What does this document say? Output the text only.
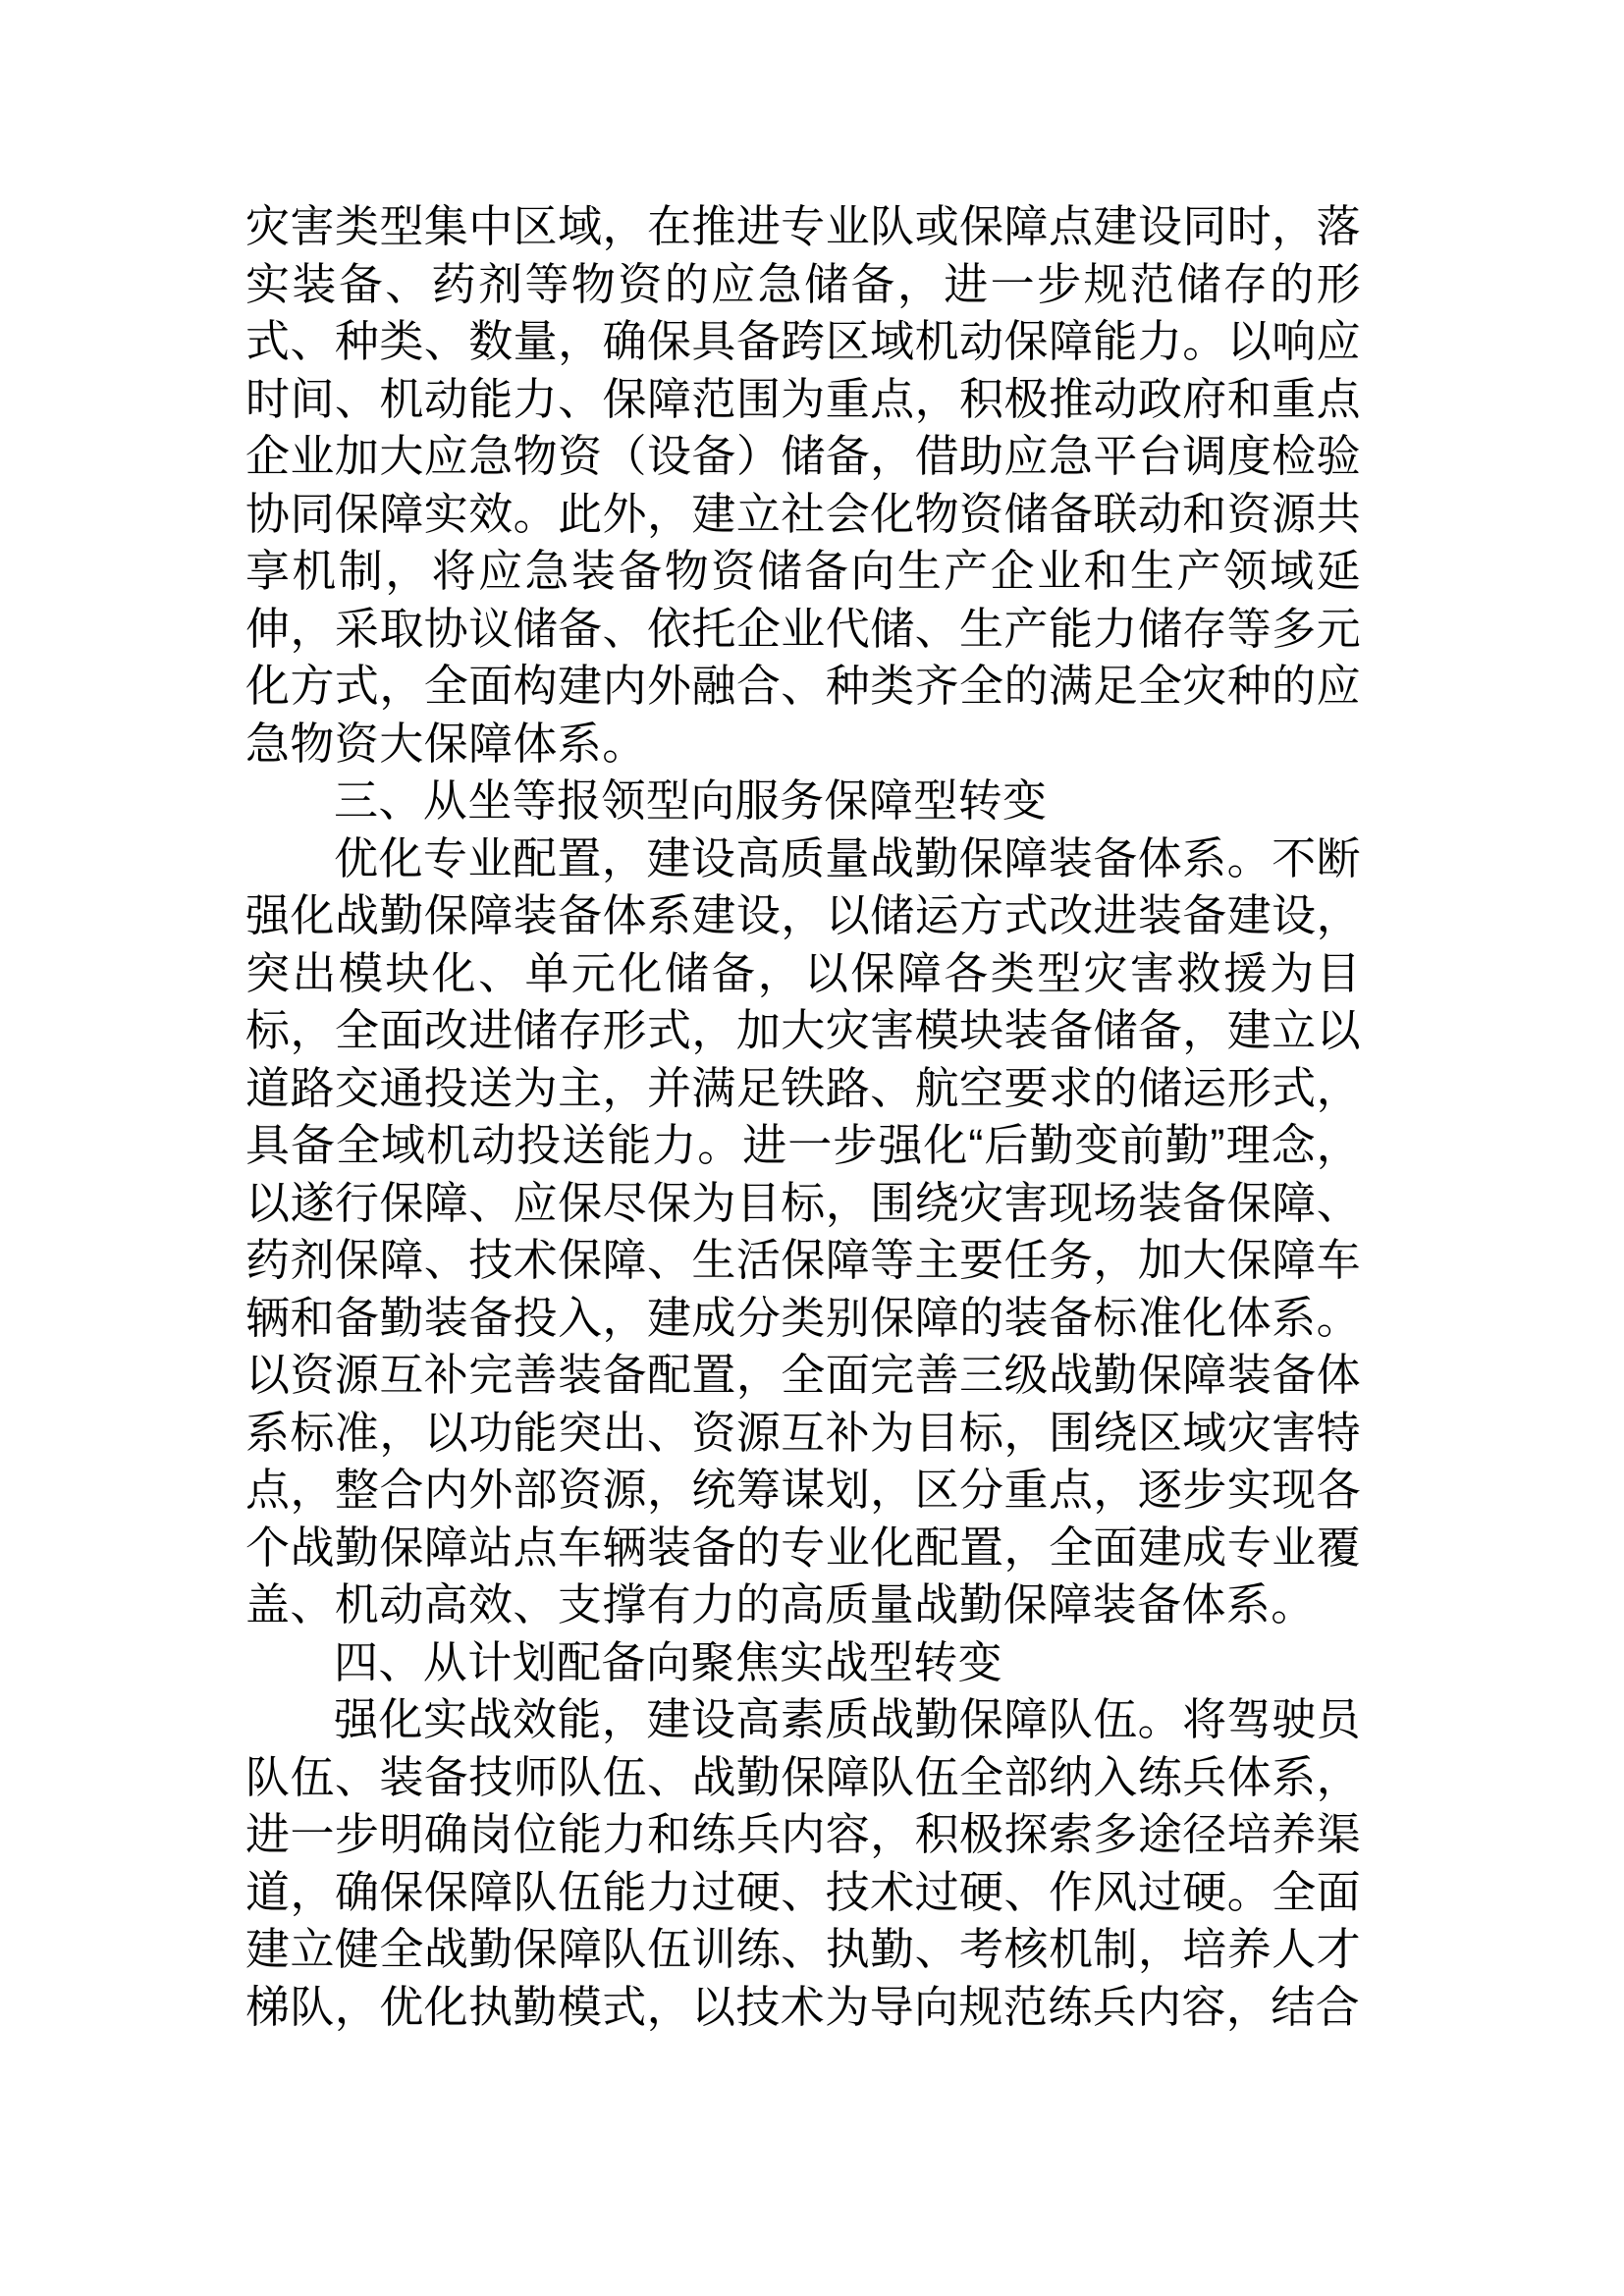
灾害类型集中区域，在推进专业队或保障点建设同时，落实装备、药剂等物资的应急储备，进一步规范储存的形式、种类、数量，确保具备跨区域机动保障能力。以响应时间、机动能力、保障范围为重点，积极推动政府和重点企业加大应急物资（设备）储备，借助应急平台调度检验协同保障实效。此外，建立社会化物资储备联动和资源共享机制，将应急装备物资储备向生产企业和生产领域延伸，采取协议储备、依托企业代储、生产能力储存等多元化方式，全面构建内外融合、种类齐全的满足全灾种的应急物资大保障体系。

三、从坐等报领型向服务保障型转变

优化专业配置，建设高质量战勤保障装备体系。不断强化战勤保障装备体系建设，以储运方式改进装备建设，突出模块化、单元化储备，以保障各类型灾害救援为目标，全面改进储存形式，加大灾害模块装备储备，建立以道路交通投送为主，并满足铁路、航空要求的储运形式，具备全域机动投送能力。进一步强化“后勤变前勤”理念，以遂行保障、应保尽保为目标，围绕灾害现场装备保障、药剂保障、技术保障、生活保障等主要任务，加大保障车辆和备勤装备投入，建成分类别保障的装备标准化体系。以资源互补完善装备配置，全面完善三级战勤保障装备体系标准，以功能突出、资源互补为目标，围绕区域灾害特点，整合内外部资源，统筹谋划，区分重点，逐步实现各个战勤保障站点车辆装备的专业化配置，全面建成专业覆盖、机动高效、支撑有力的高质量战勤保障装备体系。

四、从计划配备向聚焦实战型转变

强化实战效能，建设高素质战勤保障队伍。将驾驶员队伍、装备技师队伍、战勤保障队伍全部纳入练兵体系，进一步明确岗位能力和练兵内容，积极探索多途径培养渠道，确保保障队伍能力过硬、技术过硬、作风过硬。全面建立健全战勤保障队伍训练、执勤、考核机制，培养人才梯队，优化执勤模式，以技术为导向规范练兵内容，结合
